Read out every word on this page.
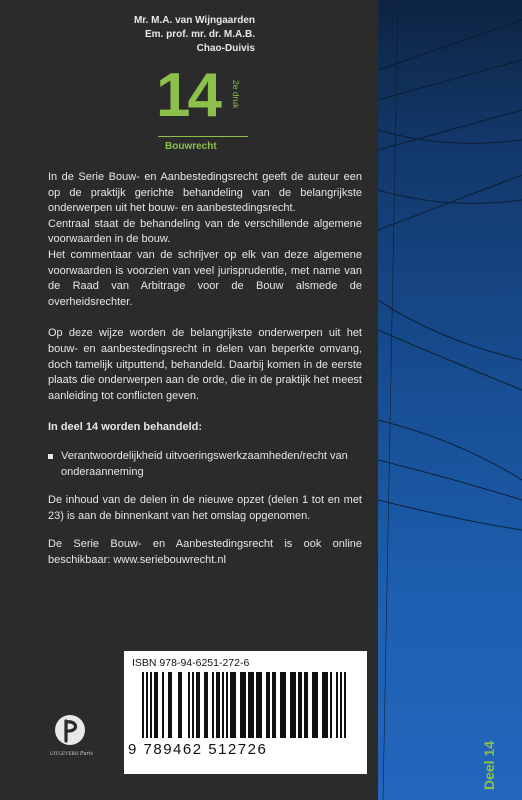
Mr. M.A. van Wijngaarden
Em. prof. mr. dr. M.A.B.
Chao-Duivis
14	2e druk
Bouwrecht

In de Serie Bouw- en Aanbestedingsrecht geeft de auteur een op de praktijk gerichte behandeling van de belangrijkste onderwerpen uit het bouw- en aanbestedingsrecht.

Centraal staat de behandeling van de verschillende algemene voorwaarden in de bouw.

Het commentaar van de schrijver op elk van deze algemene voorwaarden is voorzien van veel jurisprudentie, met name van de Raad van Arbitrage voor de Bouw alsmede de overheidsrechter.

Op deze wijze worden de belangrijkste onderwerpen uit het bouw- en aanbestedingsrecht in delen van beperkte omvang, doch tamelijk uitputtend, behandeld. Daarbij komen in de eerste plaats die onderwerpen aan de orde, die in de praktijk het meest aanleiding tot conflicten geven.

In deel 14 worden behandeld:

Verantwoordelijkheid uitvoeringswerkzaamheden/recht van onderaanneming

De inhoud van de delen in de nieuwe opzet (delen 1 tot en met 23) is aan de binnenkant van het omslag opgenomen.

De Serie Bouw- en Aanbestedingsrecht is ook online beschikbaar: www.seriebouwrecht.nl

UITGEVERIJ Paris
ISBN 978-94-6251-272-6
9 789462 512726	Deel 14
